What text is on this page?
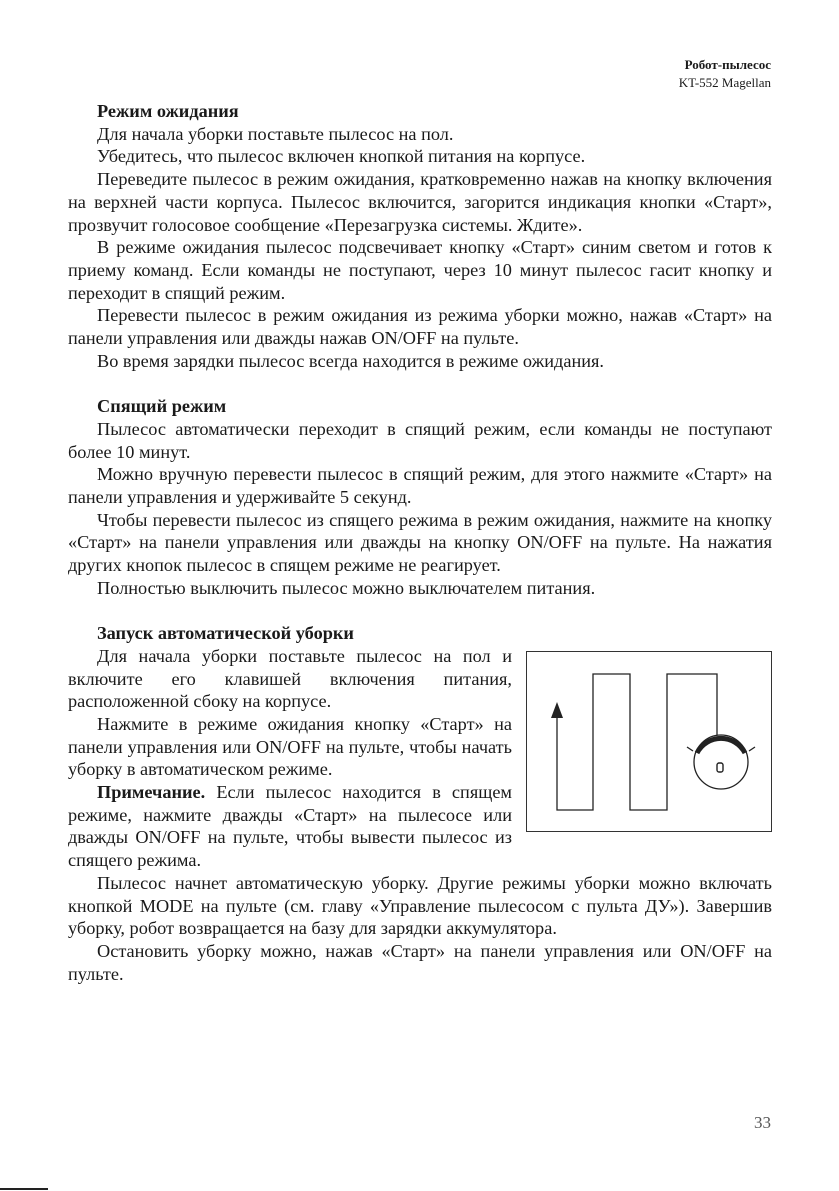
Робот-пылесос
KT-552 Magellan
Режим ожидания

Для начала уборки поставьте пылесос на пол.

Убедитесь, что пылесос включен кнопкой питания на корпусе.

Переведите пылесос в режим ожидания, кратковременно нажав на кнопку включения на верхней части корпуса. Пылесос включится, загорится индикация кнопки «Старт», прозвучит голосовое сообщение «Перезагрузка системы. Ждите».

В режиме ожидания пылесос подсвечивает кнопку «Старт» синим светом и готов к приему команд. Если команды не поступают, через 10 минут пылесос гасит кнопку и переходит в спящий режим.

Перевести пылесос в режим ожидания из режима уборки можно, нажав «Старт» на панели управления или дважды нажав ON/OFF на пульте.

Во время зарядки пылесос всегда находится в режиме ожидания.

Спящий режим

Пылесос автоматически переходит в спящий режим, если команды не поступают более 10 минут.

Можно вручную перевести пылесос в спящий режим, для этого нажмите «Старт» на панели управления и удерживайте 5 секунд.

Чтобы перевести пылесос из спящего режима в режим ожидания, нажмите на кнопку «Старт» на панели управления или дважды на кнопку ON/OFF на пульте. На нажатия других кнопок пылесос в спящем режиме не реагирует.

Полностью выключить пылесос можно выключателем питания.

Запуск автоматической уборки

Для начала уборки поставьте пылесос на пол и включите его клавишей включения питания, расположенной сбоку на корпусе.

Нажмите в режиме ожидания кнопку «Старт» на панели управления или ON/OFF на пульте, чтобы начать уборку в автоматическом режиме.

Примечание. Если пылесос находится в спящем режиме, нажмите дважды «Старт» на пылесосе или дважды ON/OFF на пульте, чтобы вывести пылесос из спящего режима.

Пылесос начнет автоматическую уборку. Другие режимы уборки можно включать кнопкой MODE на пульте (см. главу «Управление пылесосом с пульта ДУ»). Завершив уборку, робот возвращается на базу для зарядки аккумулятора.

Остановить уборку можно, нажав «Старт» на панели управления или ON/OFF на пульте.

33
